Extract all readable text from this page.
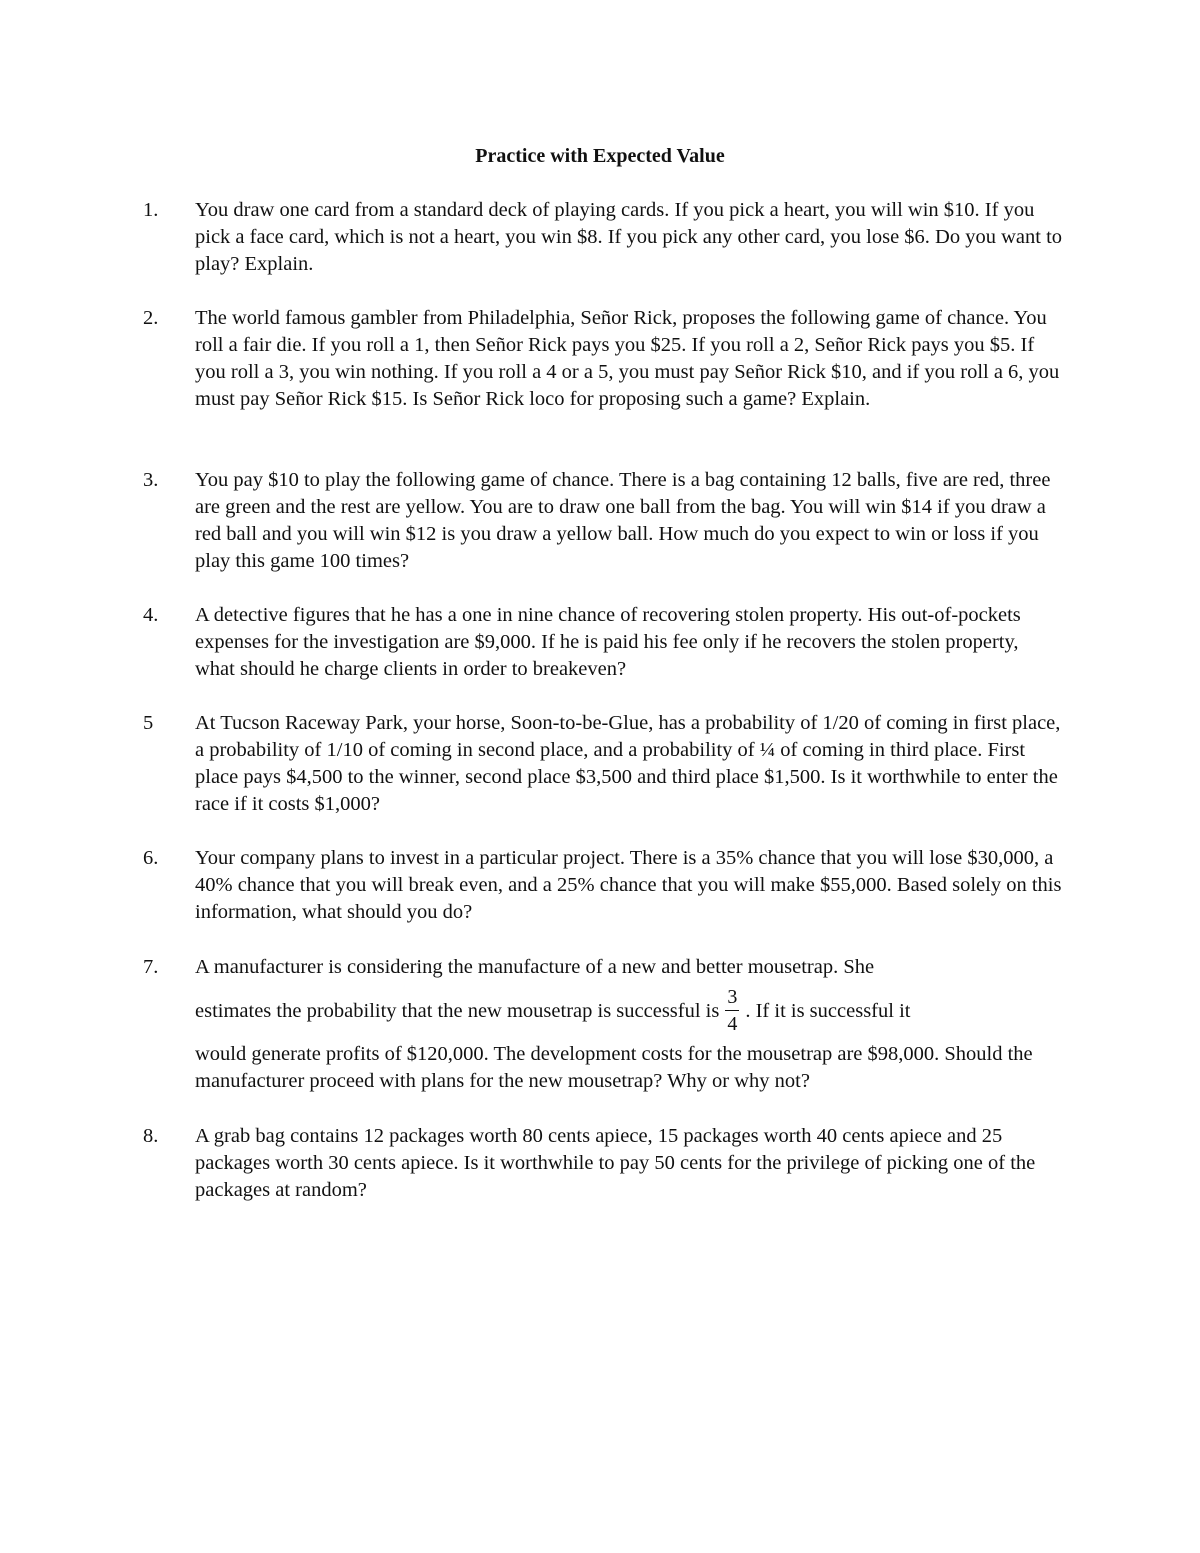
Practice with Expected Value
1.	You draw one card from a standard deck of playing cards. If you pick a heart, you will win $10. If you pick a face card, which is not a heart, you win $8. If you pick any other card, you lose $6. Do you want to play? Explain.
2.	The world famous gambler from Philadelphia, Señor Rick, proposes the following game of chance. You roll a fair die. If you roll a 1, then Señor Rick pays you $25. If you roll a 2, Señor Rick pays you $5. If you roll a 3, you win nothing. If you roll a 4 or a 5, you must pay Señor Rick $10, and if you roll a 6, you must pay Señor Rick $15. Is Señor Rick loco for proposing such a game? Explain.
3.	You pay $10 to play the following game of chance. There is a bag containing 12 balls, five are red, three are green and the rest are yellow. You are to draw one ball from the bag. You will win $14 if you draw a red ball and you will win $12 is you draw a yellow ball. How much do you expect to win or loss if you play this game 100 times?
4.	A detective figures that he has a one in nine chance of recovering stolen property. His out-of-pockets expenses for the investigation are $9,000. If he is paid his fee only if he recovers the stolen property, what should he charge clients in order to breakeven?
5	At Tucson Raceway Park, your horse, Soon-to-be-Glue, has a probability of 1/20 of coming in first place, a probability of 1/10 of coming in second place, and a probability of ¼ of coming in third place. First place pays $4,500 to the winner, second place $3,500 and third place $1,500. Is it worthwhile to enter the race if it costs $1,000?
6.	Your company plans to invest in a particular project. There is a 35% chance that you will lose $30,000, a 40% chance that you will break even, and a 25% chance that you will make $55,000. Based solely on this information, what should you do?
7.	A manufacturer is considering the manufacture of a new and better mousetrap. She
estimates the probability that the new mousetrap is successful is $\frac{3}{4}$ . If it is successful it
would generate profits of $120,000. The development costs for the mousetrap are $98,000. Should the manufacturer proceed with plans for the new mousetrap? Why or why not?
8.	A grab bag contains 12 packages worth 80 cents apiece, 15 packages worth 40 cents apiece and 25 packages worth 30 cents apiece. Is it worthwhile to pay 50 cents for the privilege of picking one of the packages at random?
